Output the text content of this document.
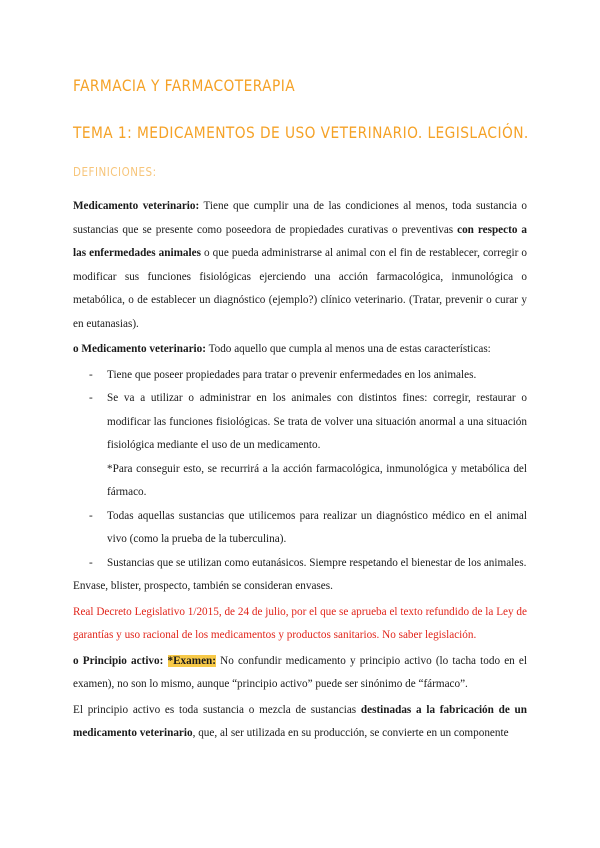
FARMACIA Y FARMACOTERAPIA
TEMA 1: MEDICAMENTOS DE USO VETERINARIO. LEGISLACIÓN.
DEFINICIONES:

Medicamento veterinario: Tiene que cumplir una de las condiciones al menos, toda sustancia o sustancias que se presente como poseedora de propiedades curativas o preventivas con respecto a las enfermedades animales o que pueda administrarse al animal con el fin de restablecer, corregir o modificar sus funciones fisiológicas ejerciendo una acción farmacológica, inmunológica o metabólica, o de establecer un diagnóstico (ejemplo?) clínico veterinario. (Tratar, prevenir o curar y en eutanasias).

o Medicamento veterinario: Todo aquello que cumpla al menos una de estas características:

- Tiene que poseer propiedades para tratar o prevenir enfermedades en los animales.
- Se va a utilizar o administrar en los animales con distintos fines: corregir, restaurar o modificar las funciones fisiológicas. Se trata de volver una situación anormal a una situación fisiológica mediante el uso de un medicamento.
*Para conseguir esto, se recurrirá a la acción farmacológica, inmunológica y metabólica del fármaco.
- Todas aquellas sustancias que utilicemos para realizar un diagnóstico médico en el animal vivo (como la prueba de la tuberculina).
- Sustancias que se utilizan como eutanásicos. Siempre respetando el bienestar de los animales.

Envase, blister, prospecto, también se consideran envases.

Real Decreto Legislativo 1/2015, de 24 de julio, por el que se aprueba el texto refundido de la Ley de garantías y uso racional de los medicamentos y productos sanitarios. No saber legislación.

o Principio activo: *Examen: No confundir medicamento y principio activo (lo tacha todo en el examen), no son lo mismo, aunque “principio activo” puede ser sinónimo de “fármaco”.

El principio activo es toda sustancia o mezcla de sustancias destinadas a la fabricación de un medicamento veterinario, que, al ser utilizada en su producción, se convierte en un componente
